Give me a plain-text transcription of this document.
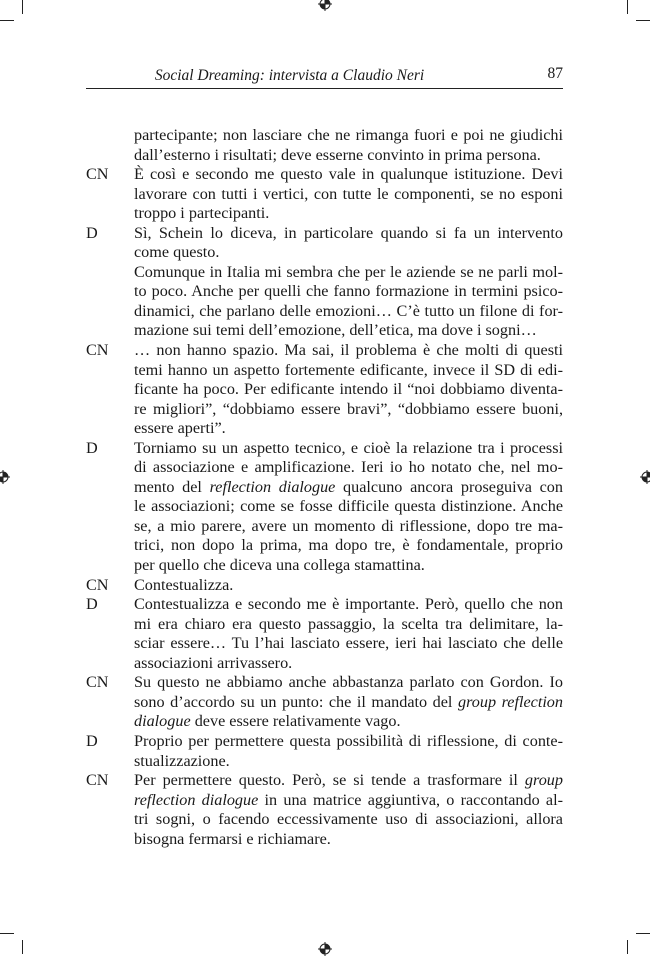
Social Dreaming: intervista a Claudio Neri	87
partecipante; non lasciare che ne rimanga fuori e poi ne giudichi
dall’esterno i risultati; deve esserne convinto in prima persona.
CN	È così e secondo me questo vale in qualunque istituzione. Devi
lavorare con tutti i vertici, con tutte le componenti, se no esponi
troppo i partecipanti.
D	Sì, Schein lo diceva, in particolare quando si fa un intervento
come questo.
Comunque in Italia mi sembra che per le aziende se ne parli mol-
to poco. Anche per quelli che fanno formazione in termini psico-
dinamici, che parlano delle emozioni… C’è tutto un filone di for-
mazione sui temi dell’emozione, dell’etica, ma dove i sogni…
CN	… non hanno spazio. Ma sai, il problema è che molti di questi
temi hanno un aspetto fortemente edificante, invece il SD di edi-
ficante ha poco. Per edificante intendo il “noi dobbiamo diventa-
re migliori”, “dobbiamo essere bravi”, “dobbiamo essere buoni,
essere aperti”.
D	Torniamo su un aspetto tecnico, e cioè la relazione tra i processi
di associazione e amplificazione. Ieri io ho notato che, nel mo-
mento del reflection dialogue qualcuno ancora proseguiva con
le associazioni; come se fosse difficile questa distinzione. Anche
se, a mio parere, avere un momento di riflessione, dopo tre ma-
trici, non dopo la prima, ma dopo tre, è fondamentale, proprio
per quello che diceva una collega stamattina.
CN	Contestualizza.
D	Contestualizza e secondo me è importante. Però, quello che non
mi era chiaro era questo passaggio, la scelta tra delimitare, la-
sciar essere… Tu l’hai lasciato essere, ieri hai lasciato che delle
associazioni arrivassero.
CN	Su questo ne abbiamo anche abbastanza parlato con Gordon. Io
sono d’accordo su un punto: che il mandato del group reflection
dialogue deve essere relativamente vago.
D	Proprio per permettere questa possibilità di riflessione, di conte-
stualizzazione.
CN	Per permettere questo. Però, se si tende a trasformare il group
reflection dialogue in una matrice aggiuntiva, o raccontando al-
tri sogni, o facendo eccessivamente uso di associazioni, allora
bisogna fermarsi e richiamare.
